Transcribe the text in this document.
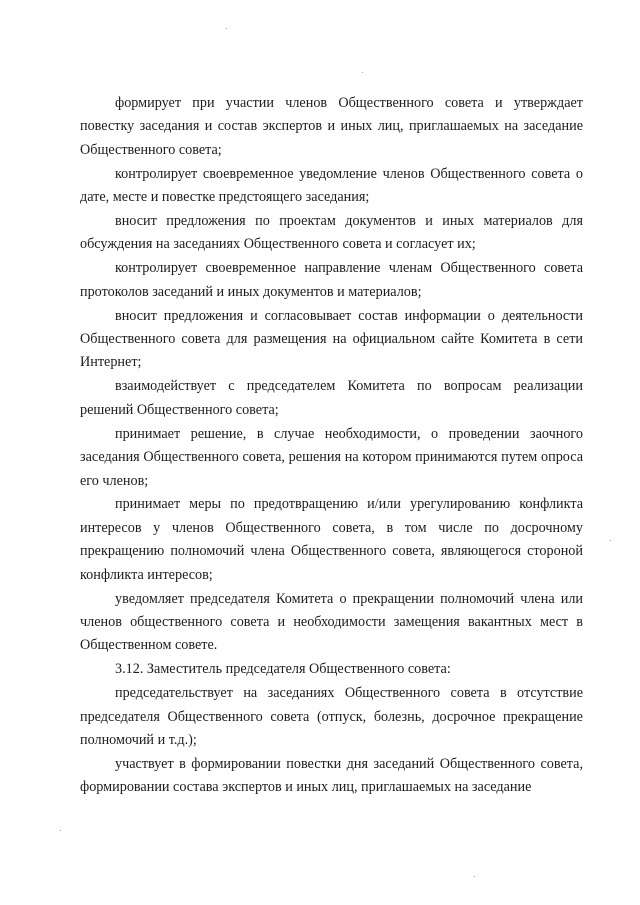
формирует при участии членов Общественного совета и утверждает повестку заседания и состав экспертов и иных лиц, приглашаемых на заседание Общественного совета;

контролирует своевременное уведомление членов Общественного совета о дате, месте и повестке предстоящего заседания;

вносит предложения по проектам документов и иных материалов для обсуждения на заседаниях Общественного совета и согласует их;

контролирует своевременное направление членам Общественного совета протоколов заседаний и иных документов и материалов;

вносит предложения и согласовывает состав информации о деятельности Общественного совета для размещения на официальном сайте Комитета в сети Интернет;

взаимодействует с председателем Комитета по вопросам реализации решений Общественного совета;

принимает решение, в случае необходимости, о проведении заочного заседания Общественного совета, решения на котором принимаются путем опроса его членов;

принимает меры по предотвращению и/или урегулированию конфликта интересов у членов Общественного совета, в том числе по досрочному прекращению полномочий члена Общественного совета, являющегося стороной конфликта интересов;

уведомляет председателя Комитета о прекращении полномочий члена или членов общественного совета и необходимости замещения вакантных мест в Общественном совете.

3.12. Заместитель председателя Общественного совета:

председательствует на заседаниях Общественного совета в отсутствие председателя Общественного совета (отпуск, болезнь, досрочное прекращение полномочий и т.д.);

участвует в формировании повестки дня заседаний Общественного совета, формировании состава экспертов и иных лиц, приглашаемых на заседание
